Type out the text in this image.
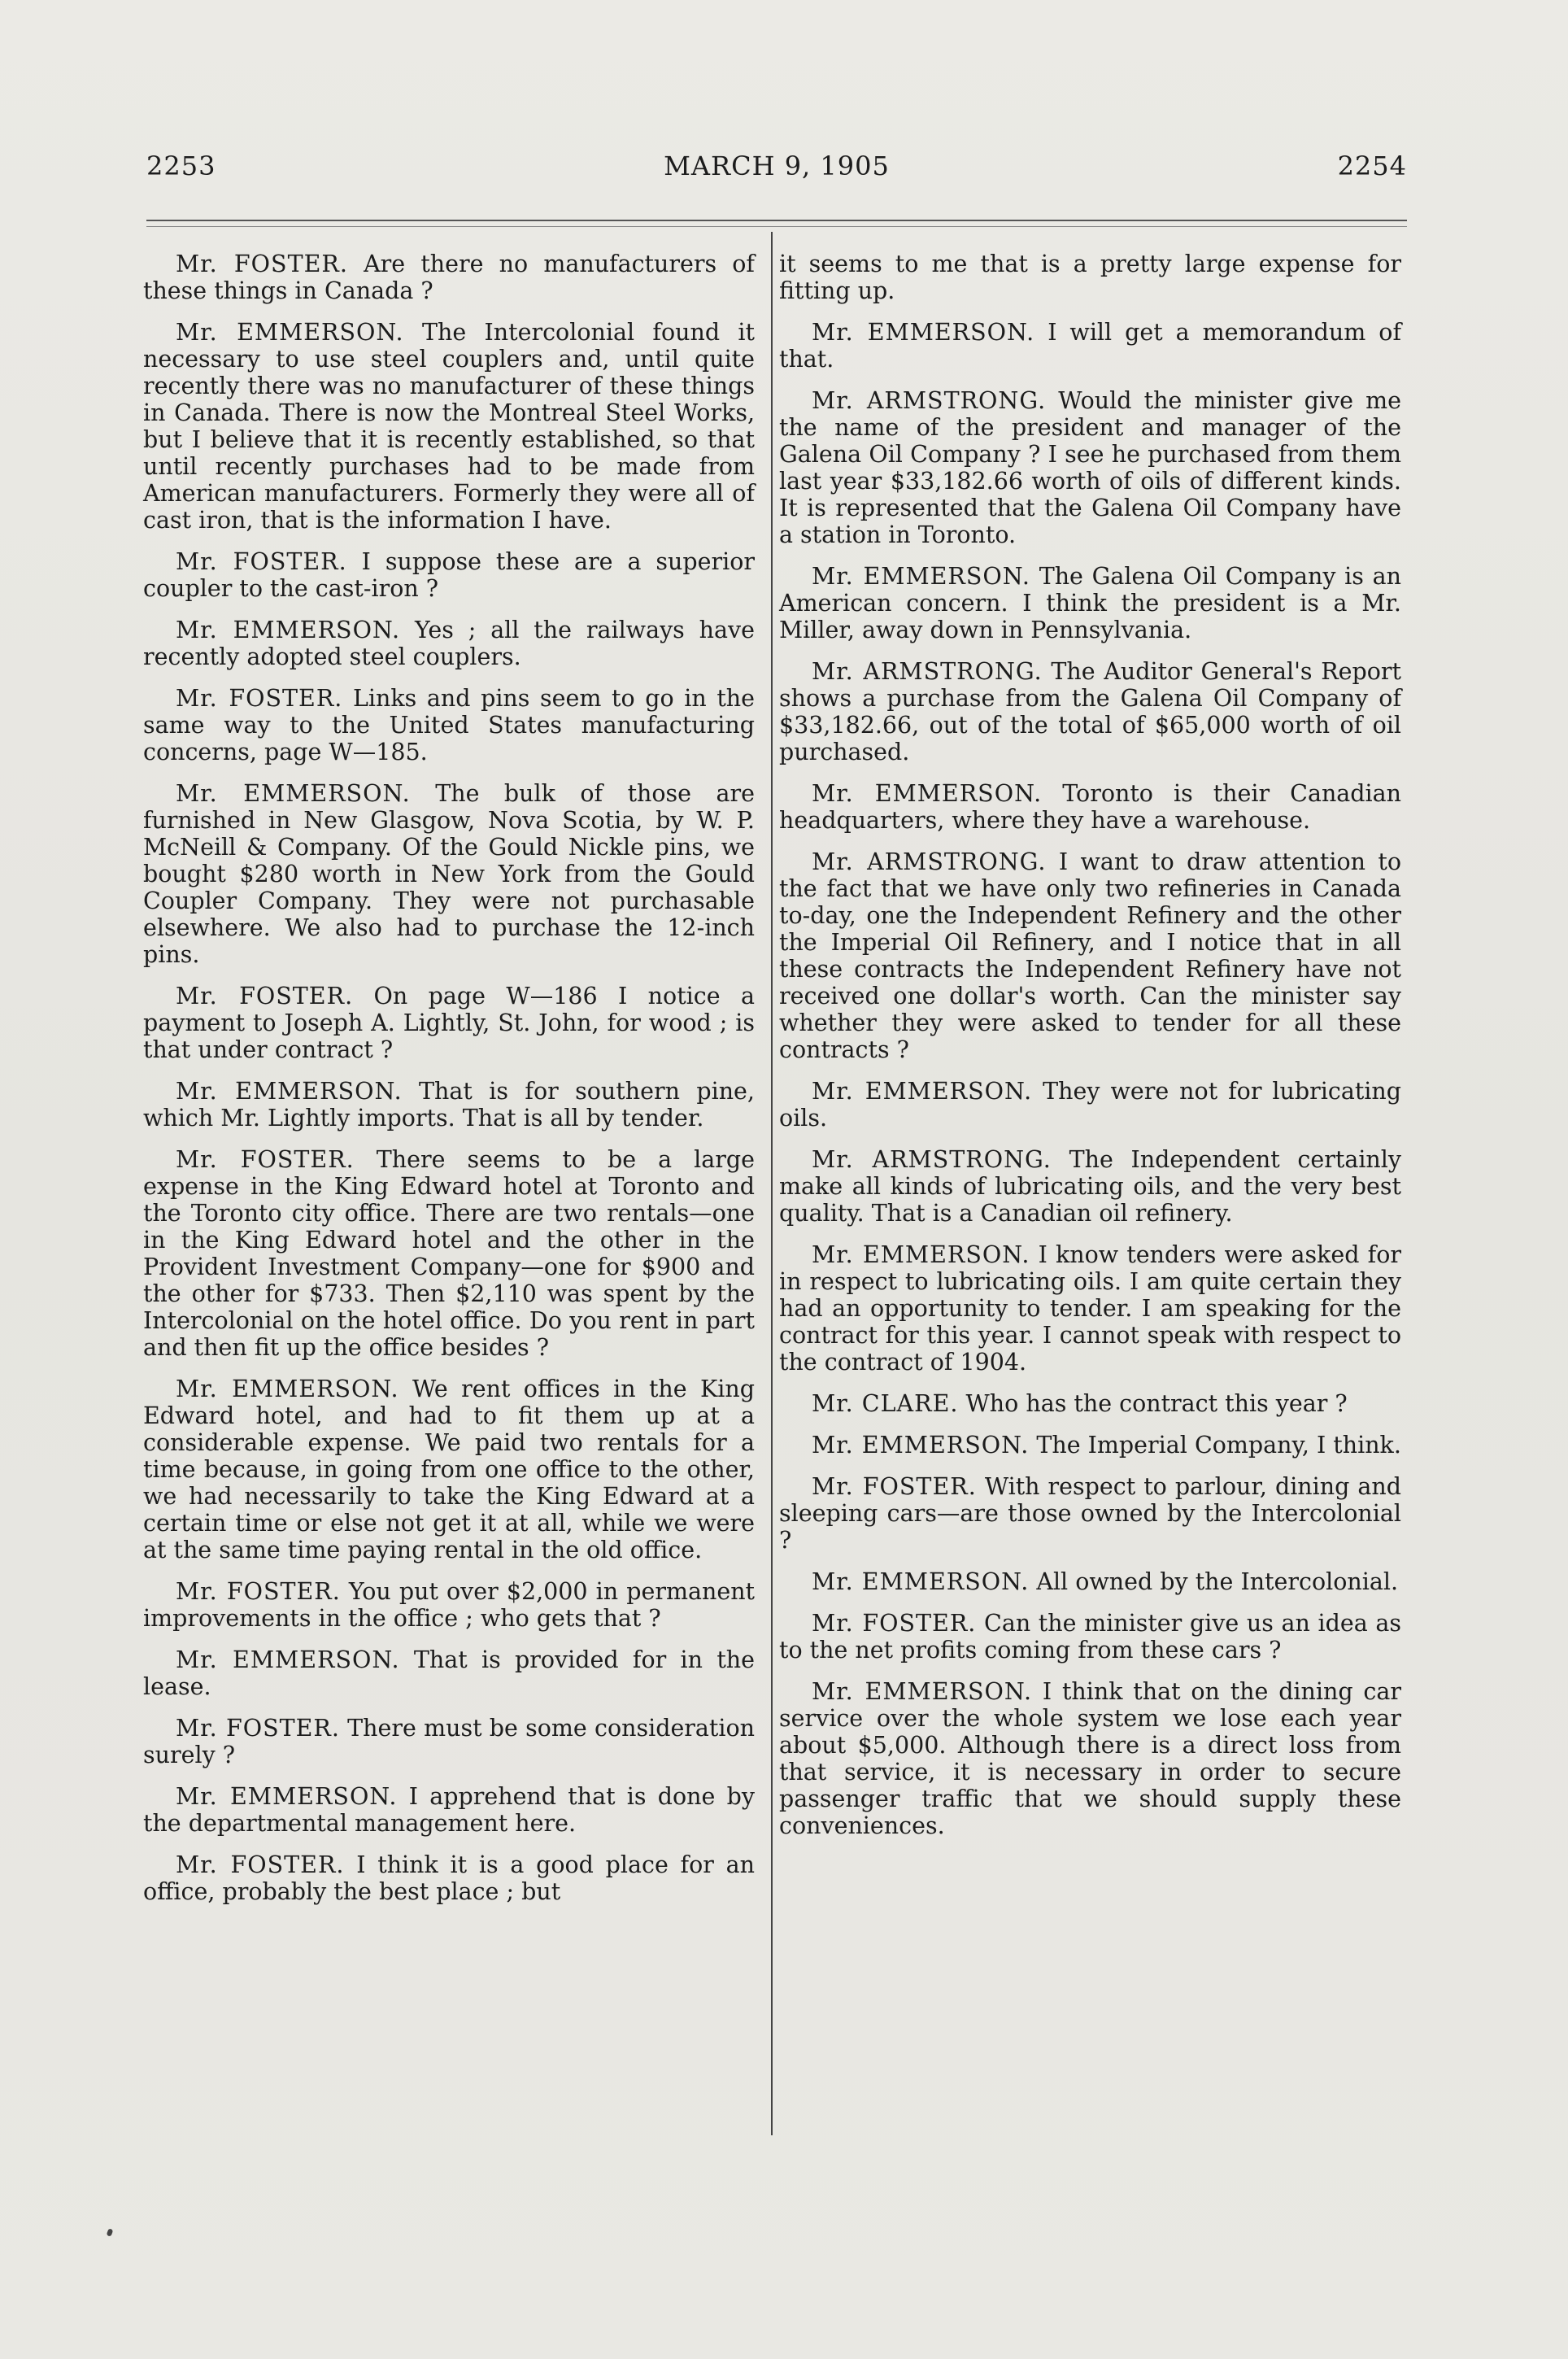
2253	MARCH 9, 1905	2254

Mr. FOSTER. Are there no manufacturers of these things in Canada ?

Mr. EMMERSON. The Intercolonial found it necessary to use steel couplers and, until quite recently there was no manufacturer of these things in Canada. There is now the Montreal Steel Works, but I believe that it is recently established, so that until recently purchases had to be made from American manufacturers. Formerly they were all of cast iron, that is the information I have.

Mr. FOSTER. I suppose these are a superior coupler to the cast-iron ?

Mr. EMMERSON. Yes ; all the railways have recently adopted steel couplers.

Mr. FOSTER. Links and pins seem to go in the same way to the United States manufacturing concerns, page W—185.

Mr. EMMERSON. The bulk of those are furnished in New Glasgow, Nova Scotia, by W. P. McNeill & Company. Of the Gould Nickle pins, we bought $280 worth in New York from the Gould Coupler Company. They were not purchasable elsewhere. We also had to purchase the 12-inch pins.

Mr. FOSTER. On page W—186 I notice a payment to Joseph A. Lightly, St. John, for wood ; is that under contract ?

Mr. EMMERSON. That is for southern pine, which Mr. Lightly imports. That is all by tender.

Mr. FOSTER. There seems to be a large expense in the King Edward hotel at Toronto and the Toronto city office. There are two rentals—one in the King Edward hotel and the other in the Provident Investment Company—one for $900 and the other for $733. Then $2,110 was spent by the Intercolonial on the hotel office. Do you rent in part and then fit up the office besides ?

Mr. EMMERSON. We rent offices in the King Edward hotel, and had to fit them up at a considerable expense. We paid two rentals for a time because, in going from one office to the other, we had necessarily to take the King Edward at a certain time or else not get it at all, while we were at the same time paying rental in the old office.

Mr. FOSTER. You put over $2,000 in permanent improvements in the office ; who gets that ?

Mr. EMMERSON. That is provided for in the lease.

Mr. FOSTER. There must be some consideration surely ?

Mr. EMMERSON. I apprehend that is done by the departmental management here.

Mr. FOSTER. I think it is a good place for an office, probably the best place ; but

it seems to me that is a pretty large expense for fitting up.

Mr. EMMERSON. I will get a memorandum of that.

Mr. ARMSTRONG. Would the minister give me the name of the president and manager of the Galena Oil Company ? I see he purchased from them last year $33,182.66 worth of oils of different kinds. It is represented that the Galena Oil Company have a station in Toronto.

Mr. EMMERSON. The Galena Oil Company is an American concern. I think the president is a Mr. Miller, away down in Pennsylvania.

Mr. ARMSTRONG. The Auditor General's Report shows a purchase from the Galena Oil Company of $33,182.66, out of the total of $65,000 worth of oil purchased.

Mr. EMMERSON. Toronto is their Canadian headquarters, where they have a warehouse.

Mr. ARMSTRONG. I want to draw attention to the fact that we have only two refineries in Canada to-day, one the Independent Refinery and the other the Imperial Oil Refinery, and I notice that in all these contracts the Independent Refinery have not received one dollar's worth. Can the minister say whether they were asked to tender for all these contracts ?

Mr. EMMERSON. They were not for lubricating oils.

Mr. ARMSTRONG. The Independent certainly make all kinds of lubricating oils, and the very best quality. That is a Canadian oil refinery.

Mr. EMMERSON. I know tenders were asked for in respect to lubricating oils. I am quite certain they had an opportunity to tender. I am speaking for the contract for this year. I cannot speak with respect to the contract of 1904.

Mr. CLARE. Who has the contract this year ?

Mr. EMMERSON. The Imperial Company, I think.

Mr. FOSTER. With respect to parlour, dining and sleeping cars—are those owned by the Intercolonial ?

Mr. EMMERSON. All owned by the Intercolonial.

Mr. FOSTER. Can the minister give us an idea as to the net profits coming from these cars ?

Mr. EMMERSON. I think that on the dining car service over the whole system we lose each year about $5,000. Although there is a direct loss from that service, it is necessary in order to secure passenger traffic that we should supply these conveniences.
